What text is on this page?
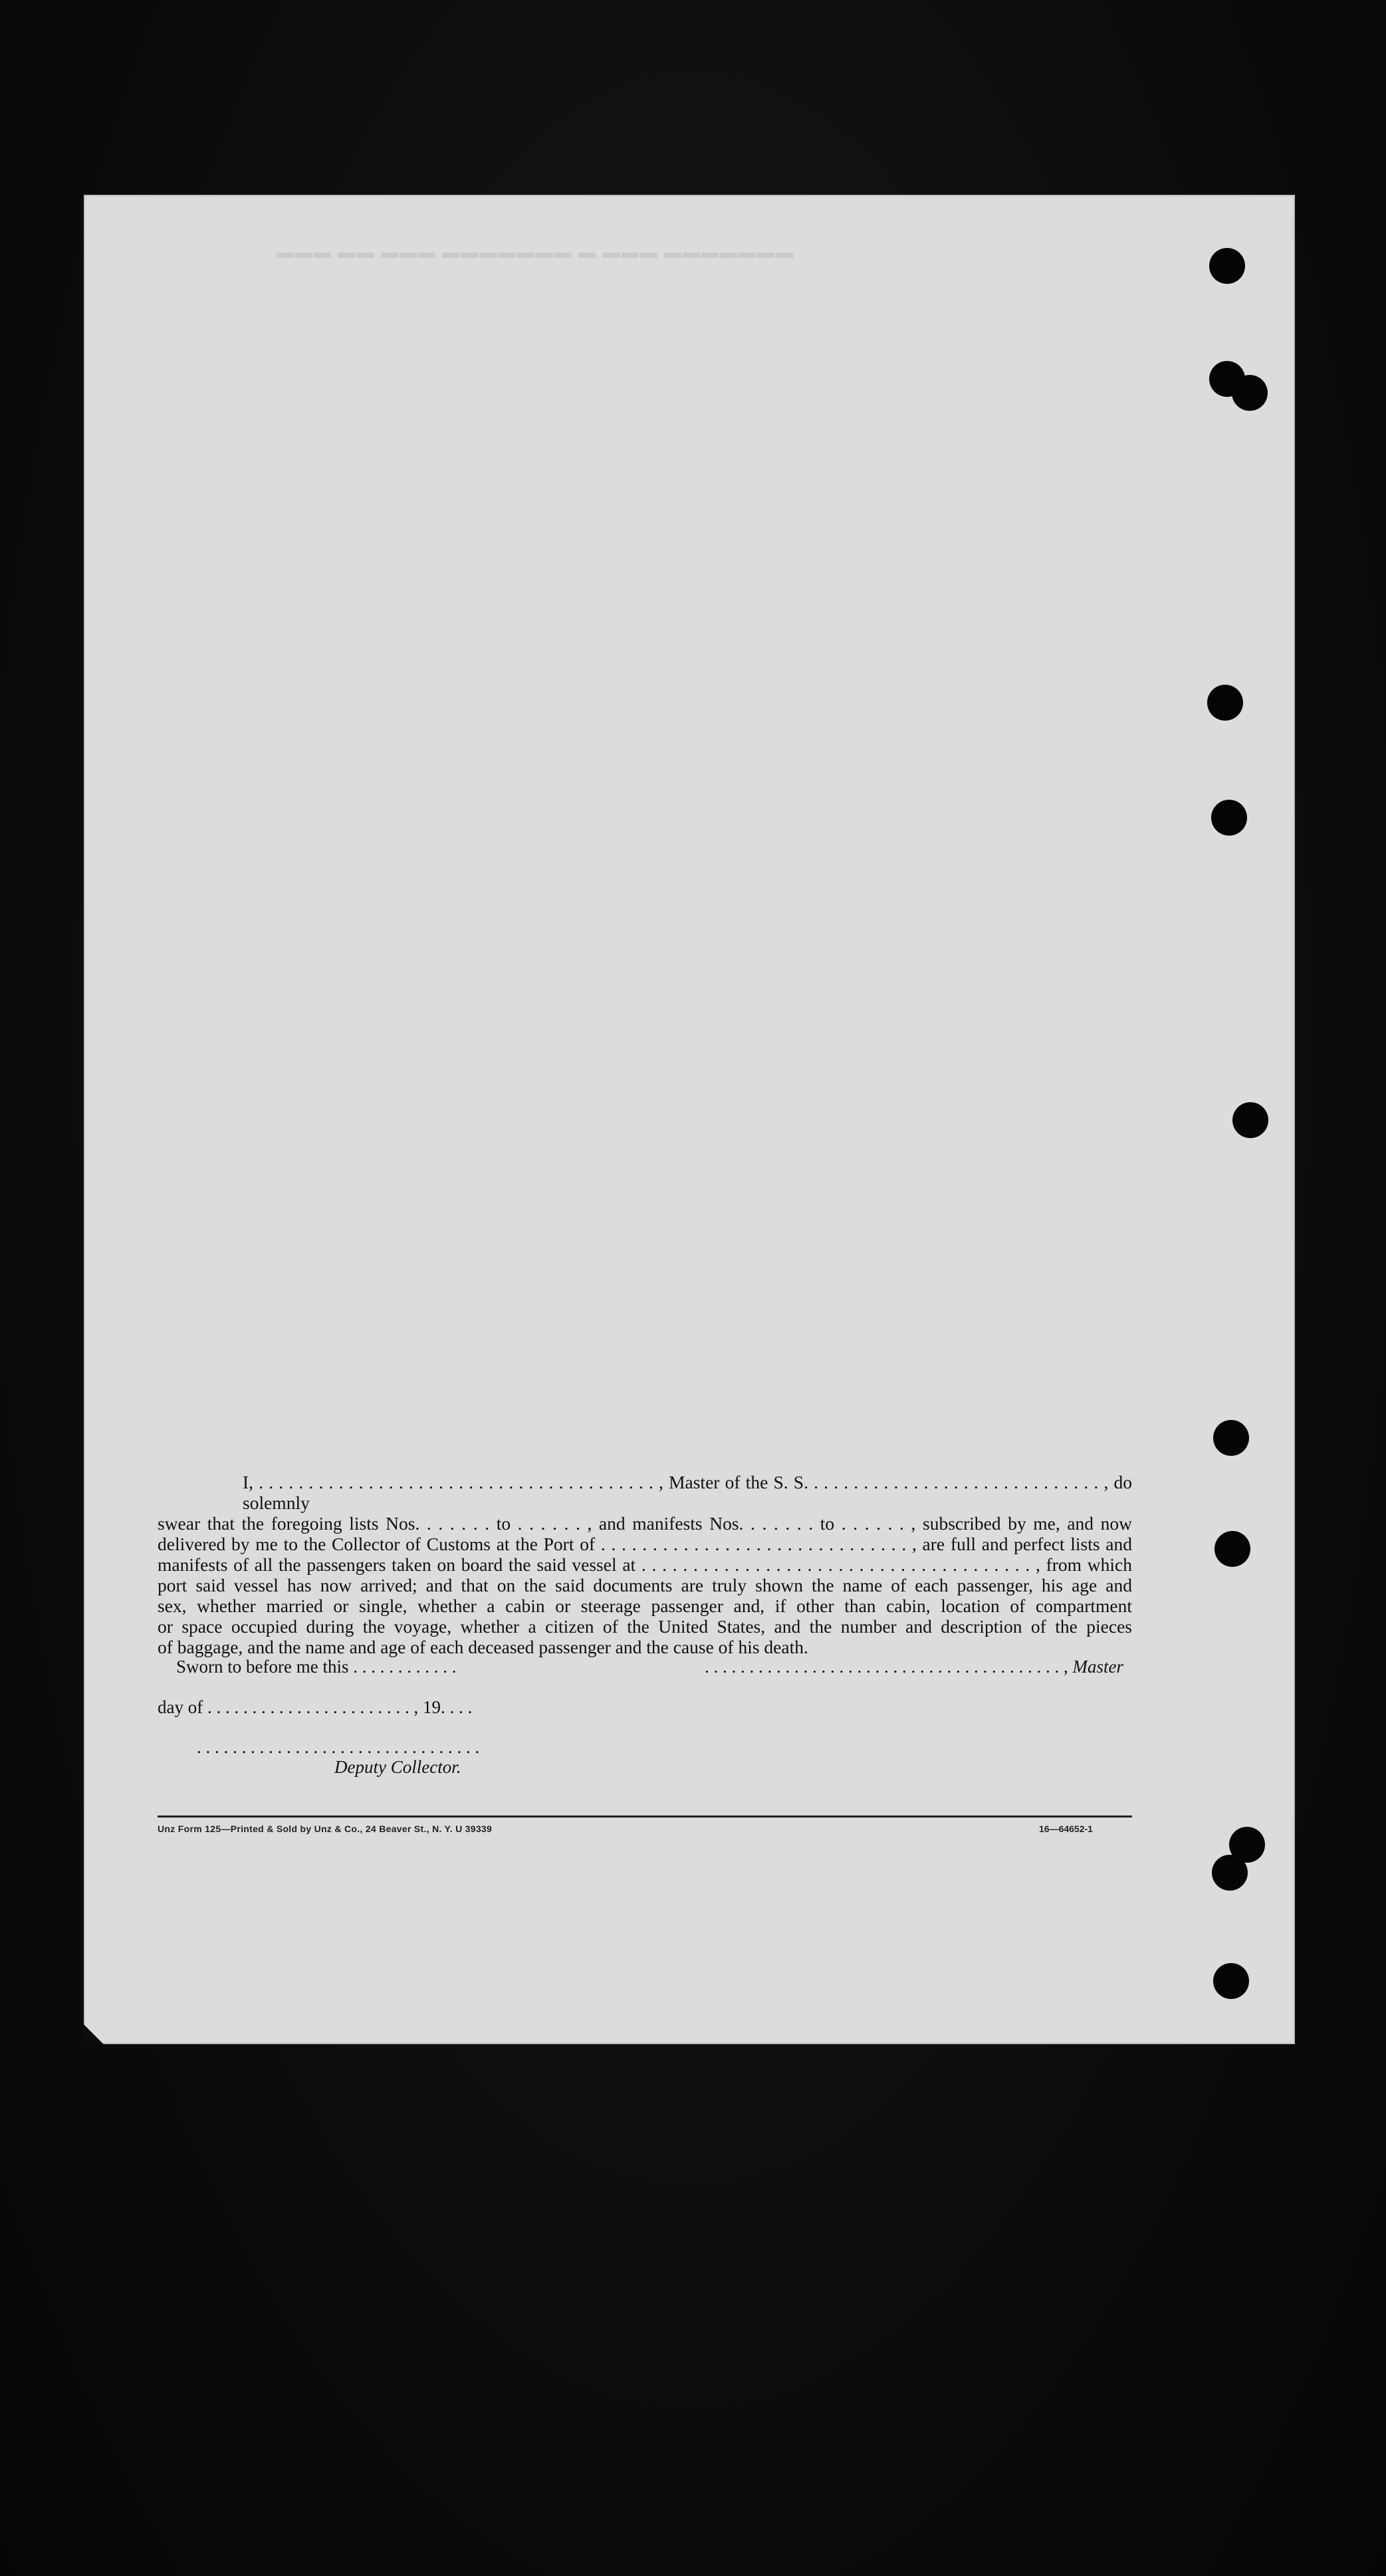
▬▬▬ ▬▬ ▬▬▬ ▬▬▬▬▬▬
▬▬ ▬ ▬▬▬ ▬▬▬▬▬▬▬

I, . . . . . . . . . . . . . . . . . . . . . . . . . . . . . . . . . . . . . . . . , Master of the S. S. . . . . . . . . . . . . . . . . . . . . . . . . . . . . . , do solemnly

swear that the foregoing lists Nos. . . . . . . to . . . . . . , and manifests Nos. . . . . . . to . . . . . . , subscribed by me, and now

delivered by me to the Collector of Customs at the Port of . . . . . . . . . . . . . . . . . . . . . . . . . . . . . . , are full and perfect lists and

manifests of all the passengers taken on board the said vessel at . . . . . . . . . . . . . . . . . . . . . . . . . . . . . . . . . . . . . . , from which

port said vessel has now arrived; and that on the said documents are truly shown the name of each passenger, his age and

sex, whether married or single, whether a cabin or steerage passenger and, if other than cabin, location of compartment

or space occupied during the voyage, whether a citizen of the United States, and the number and description of the pieces

of baggage, and the name and age of each deceased passenger and the cause of his death.

Sworn to before me this . . . . . . . . . . . .	. . . . . . . . . . . . . . . . . . . . . . . . . . . . . . . . . . . . . . . . , Master
day of . . . . . . . . . . . . . . . . . . . . . . . , 19. . . .
. . . . . . . . . . . . . . . . . . . . . . . . . . . . . . . .
Deputy Collector.
Unz Form 125—Printed & Sold by Unz & Co., 24 Beaver St., N. Y. U 39339	16—64652-1
